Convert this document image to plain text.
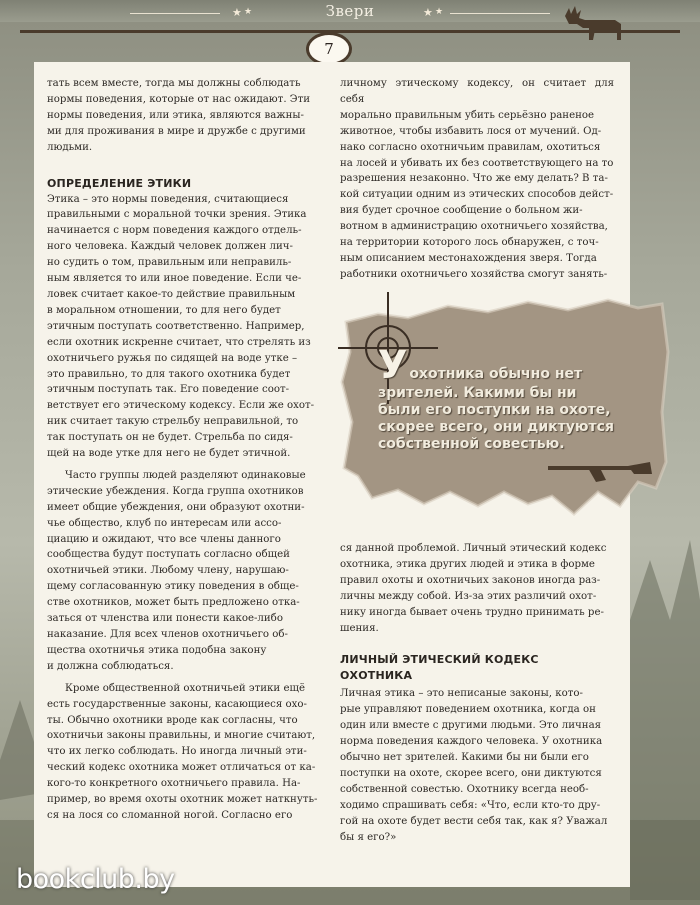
★ ★	Звери	★ ★
7

тать всем вместе, тогда мы должны соблюдать
нормы поведения, которые от нас ожидают. Эти
нормы поведения, или этика, являются важны-
ми для проживания в мире и дружбе с другими
людьми.

ОПРЕДЕЛЕНИЕ ЭТИКИ

Этика – это нормы поведения, считающиеся
правильными с моральной точки зрения. Этика
начинается с норм поведения каждого отдель-
ного человека. Каждый человек должен лич-
но судить о том, правильным или неправиль-
ным является то или иное поведение. Если че-
ловек считает какое-то действие правильным
в моральном отношении, то для него будет
этичным поступать соответственно. Например,
если охотник искренне считает, что стрелять из
охотничьего ружья по сидящей на воде утке –
это правильно, то для такого охотника будет
этичным поступать так. Его поведение соот-
ветствует его этическому кодексу. Если же охот-
ник считает такую стрельбу неправильной, то
так поступать он не будет. Стрельба по сидя-
щей на воде утке для него не будет этичной.

Часто группы людей разделяют одинаковые
этические убеждения. Когда группа охотников
имеет общие убеждения, они образуют охотни-
чье общество, клуб по интересам или ассо-
циацию и ожидают, что все члены данного
сообщества будут поступать согласно общей
охотничьей этики. Любому члену, нарушаю-
щему согласованную этику поведения в обще-
стве охотников, может быть предложено отка-
заться от членства или понести какое-либо
наказание. Для всех членов охотничьего об-
щества охотничья этика подобна закону
и должна соблюдаться.

Кроме общественной охотничьей этики ещё
есть государственные законы, касающиеся охо-
ты. Обычно охотники вроде как согласны, что
охотничьи законы правильны, и многие считают,
что их легко соблюдать. Но иногда личный эти-
ческий кодекс охотника может отличаться от ка-
кого-то конкретного охотничьего правила. На-
пример, во время охоты охотник может наткнуть-
ся на лося со сломанной ногой. Согласно его

личному этическому кодексу, он считает для себя
морально правильным убить серьёзно раненое
животное, чтобы избавить лося от мучений. Од-
нако согласно охотничьим правилам, охотиться
на лосей и убивать их без соответствующего на то
разрешения незаконно. Что же ему делать? В та-
кой ситуации одним из этических способов дейст-
вия будет срочное сообщение о больном жи-
вотном в администрацию охотничьего хозяйства,
на территории которого лось обнаружен, с точ-
ным описанием местонахождения зверя. Тогда
работники охотничьего хозяйства смогут занять-

Уохотника обычно нет

зрителей. Какими бы ни
были его поступки на охоте,
скорее всего, они диктуются
собственной совестью.

ся данной проблемой. Личный этический кодекс
охотника, этика других людей и этика в форме
правил охоты и охотничьих законов иногда раз-
личны между собой. Из-за этих различий охот-
нику иногда бывает очень трудно принимать ре-
шения.

ЛИЧНЫЙ ЭТИЧЕСКИЙ КОДЕКС
ОХОТНИКА

Личная этика – это неписаные законы, кото-
рые управляют поведением охотника, когда он
один или вместе с другими людьми. Это личная
норма поведения каждого человека. У охотника
обычно нет зрителей. Какими бы ни были его
поступки на охоте, скорее всего, они диктуются
собственной совестью. Охотнику всегда необ-
ходимо спрашивать себя: «Что, если кто-то дру-
гой на охоте будет вести себя так, как я? Уважал
бы я его?»

bookclub.by
